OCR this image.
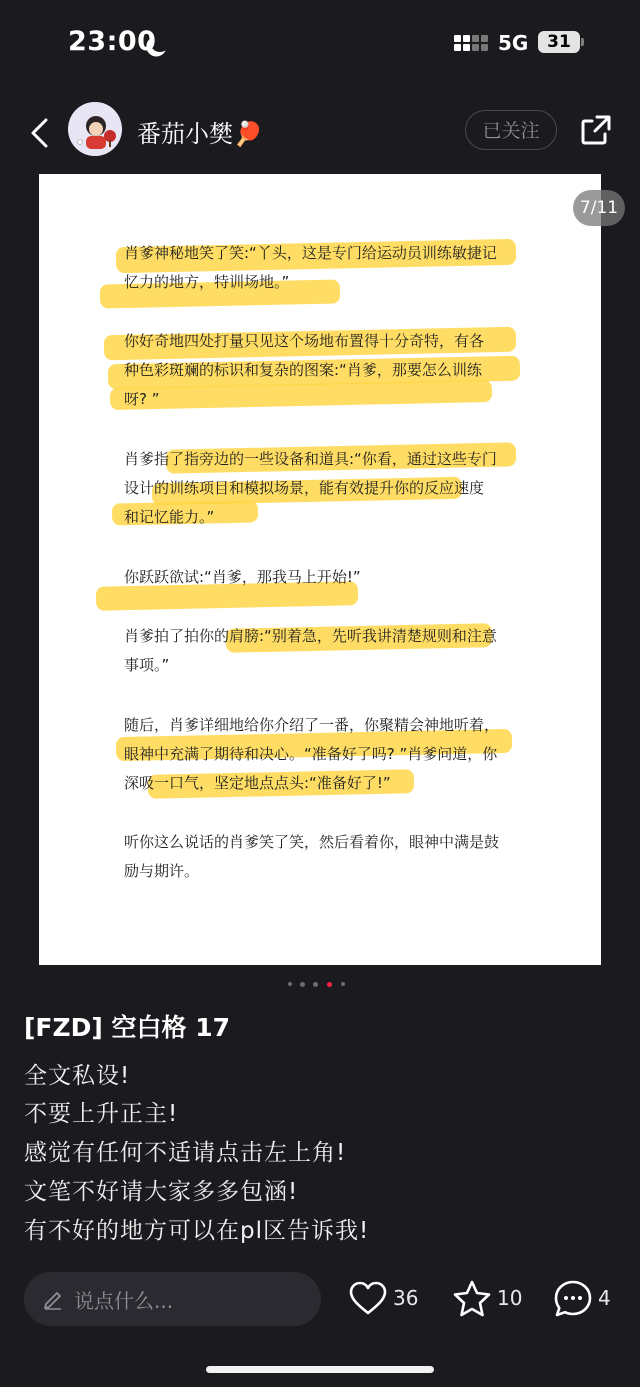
23:00	5G	31
番茄小樊🏓	已关注
肖爹神秘地笑了笑:“丫头，这是专门给运动员训练敏捷记
忆力的地方，特训场地。”
你好奇地四处打量只见这个场地布置得十分奇特，有各
种色彩斑斓的标识和复杂的图案:“肖爹，那要怎么训练
呀? ”
肖爹指了指旁边的一些设备和道具:“你看，通过这些专门
设计的训练项目和模拟场景，能有效提升你的反应速度
和记忆能力。”
你跃跃欲试:“肖爹，那我马上开始!”
肖爹拍了拍你的肩膀:“别着急，先听我讲清楚规则和注意
事项。”
随后，肖爹详细地给你介绍了一番，你聚精会神地听着，
眼神中充满了期待和决心。“准备好了吗? ”肖爹问道，你
深吸一口气，坚定地点点头:“准备好了!”
听你这么说话的肖爹笑了笑，然后看着你，眼神中满是鼓
励与期许。
7/11
[FZD] 空白格 17
全文私设!
不要上升正主!
感觉有任何不适请点击左上角!
文笔不好请大家多多包涵!
有不好的地方可以在pl区告诉我!
说点什么...	36	10	4
